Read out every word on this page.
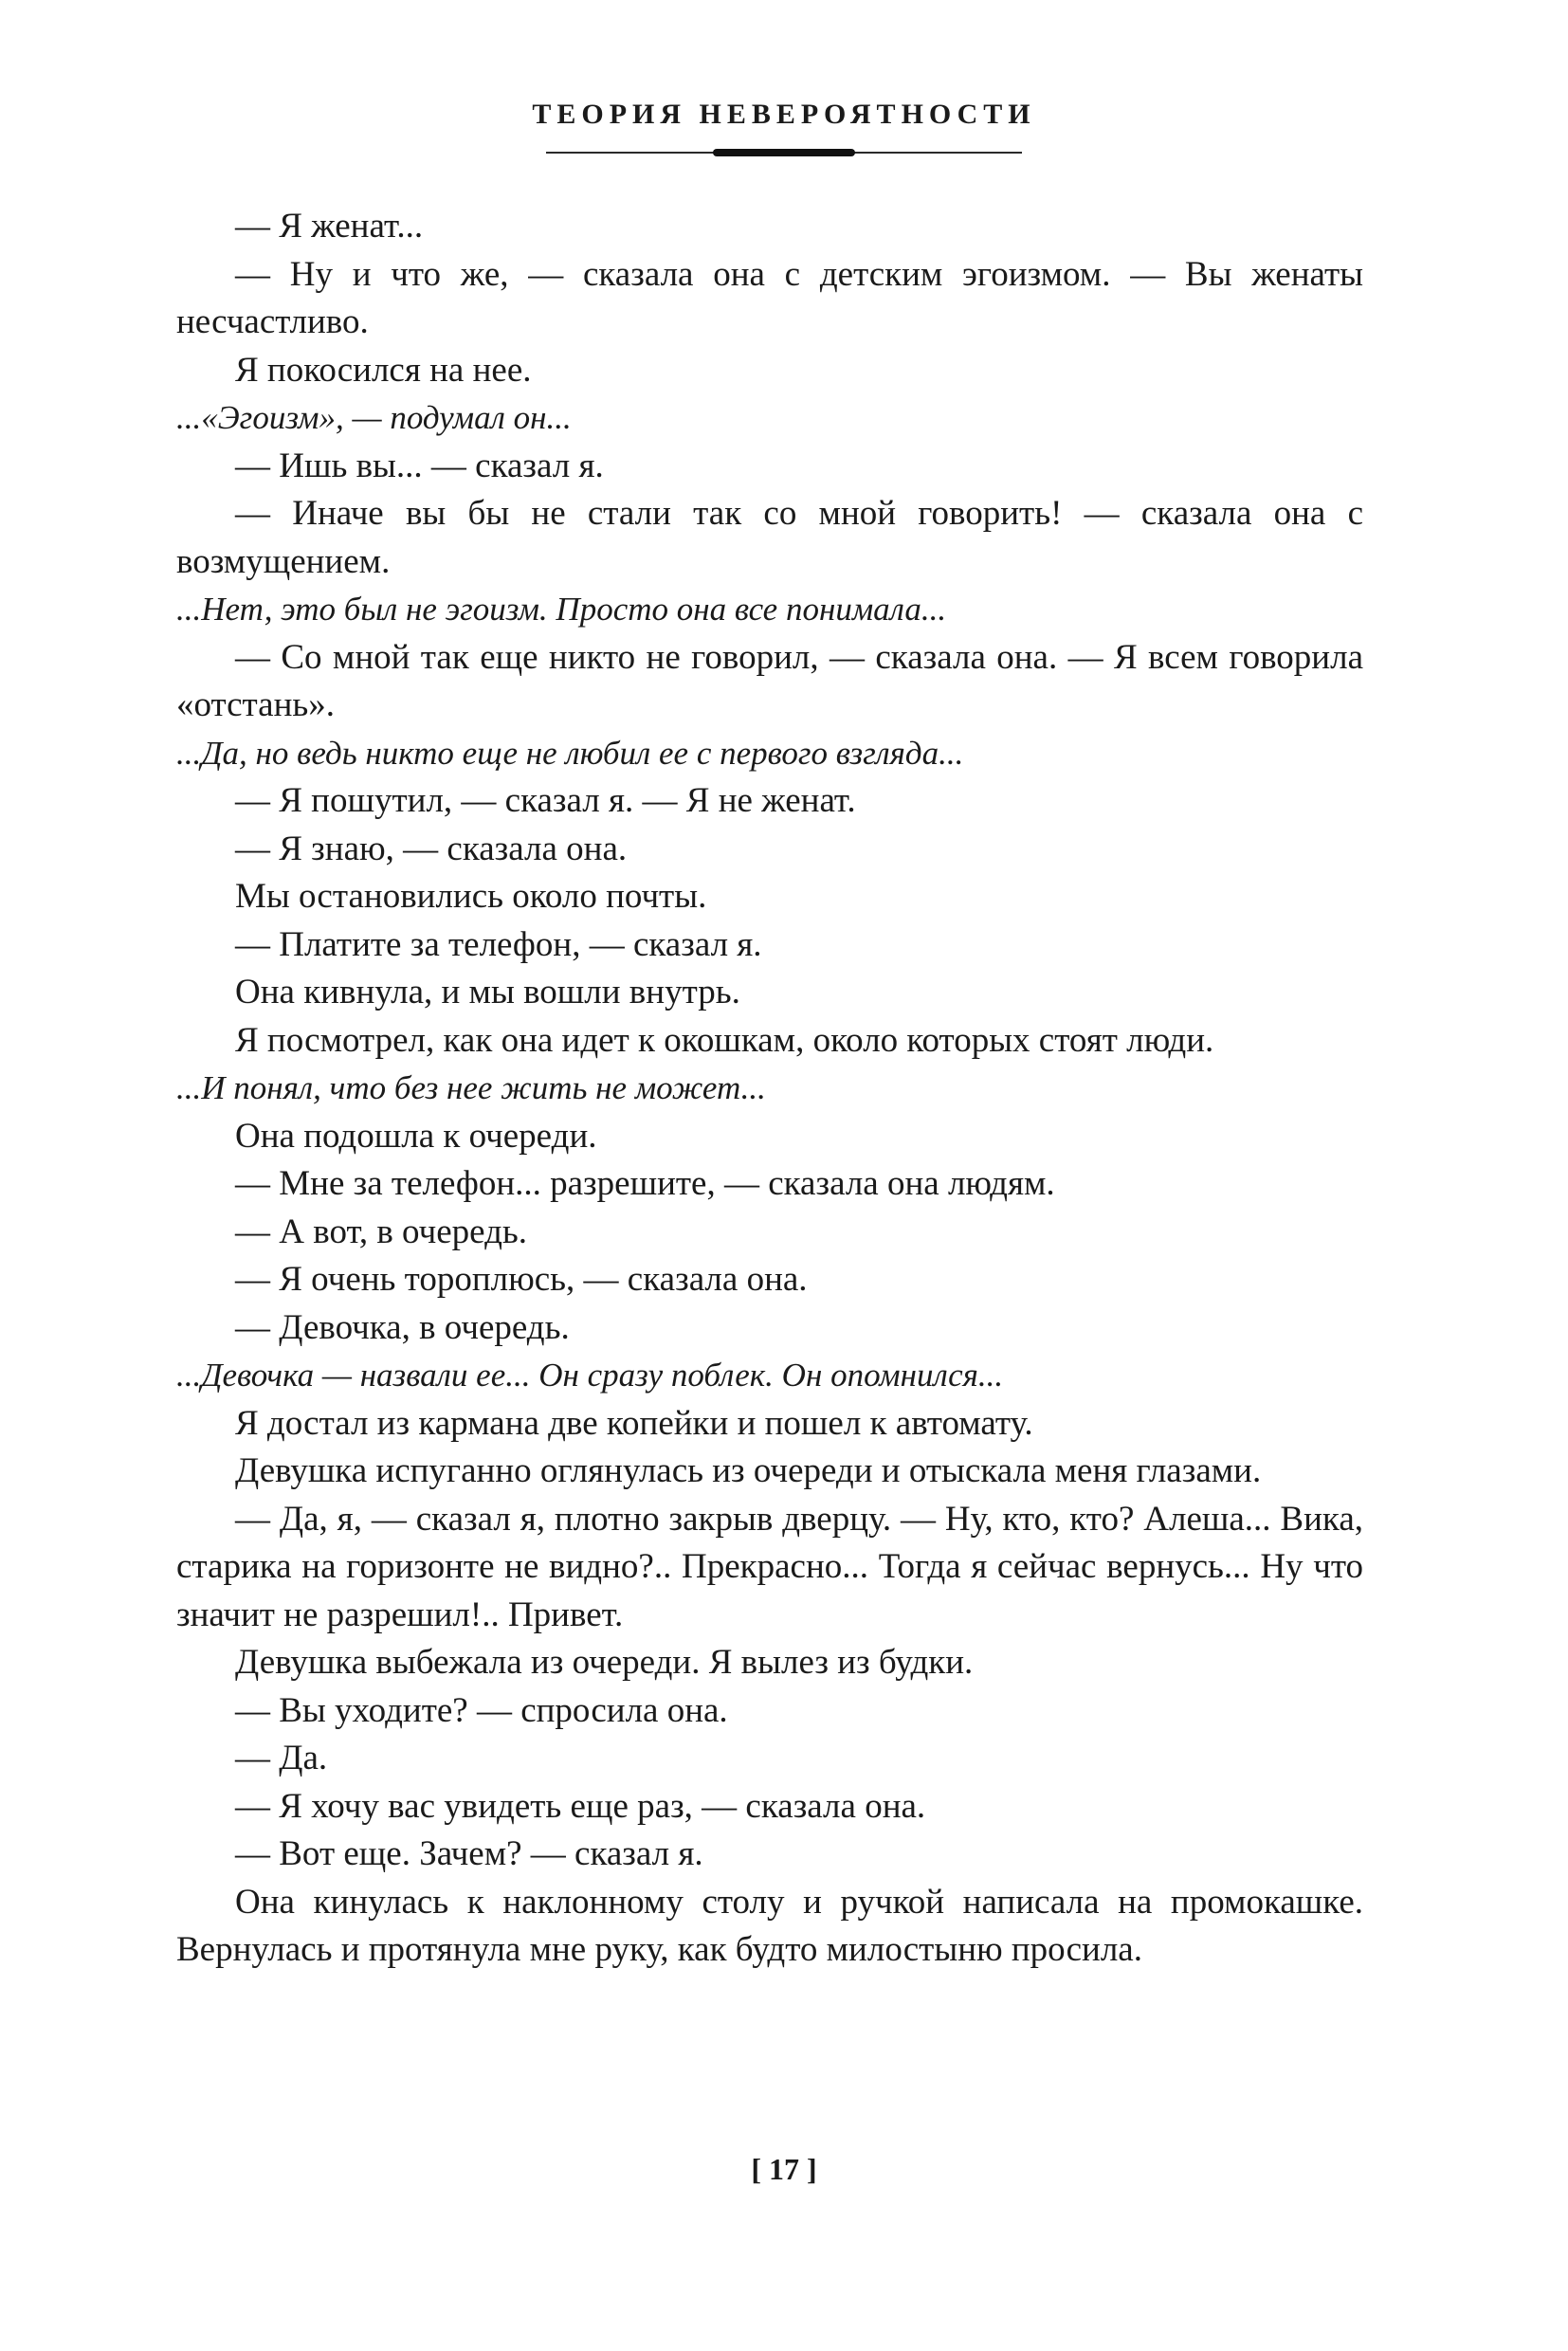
ТЕОРИЯ НЕВЕРОЯТНОСТИ

— Я женат...

— Ну и что же, — сказала она с детским эгоизмом. — Вы женаты несчастливо.

Я покосился на нее.

...«Эгоизм», — подумал он...

— Ишь вы... — сказал я.

— Иначе вы бы не стали так со мной говорить! — сказала она с возмущением.

...Нет, это был не эгоизм. Просто она все понимала...

— Со мной так еще никто не говорил, — сказала она. — Я всем говорила «отстань».

...Да, но ведь никто еще не любил ее с первого взгляда...

— Я пошутил, — сказал я. — Я не женат.

— Я знаю, — сказала она.

Мы остановились около почты.

— Платите за телефон, — сказал я.

Она кивнула, и мы вошли внутрь.

Я посмотрел, как она идет к окошкам, около которых стоят люди.

...И понял, что без нее жить не может...

Она подошла к очереди.

— Мне за телефон... разрешите, — сказала она людям.

— А вот, в очередь.

— Я очень тороплюсь, — сказала она.

— Девочка, в очередь.

...Девочка — назвали ее... Он сразу поблек. Он опомнился...

Я достал из кармана две копейки и пошел к автомату.

Девушка испуганно оглянулась из очереди и отыскала меня глазами.

— Да, я, — сказал я, плотно закрыв дверцу. — Ну, кто, кто? Алеша... Вика, старика на горизонте не видно?.. Прекрасно... Тогда я сейчас вернусь... Ну что значит не разрешил!.. Привет.

Девушка выбежала из очереди. Я вылез из будки.

— Вы уходите? — спросила она.

— Да.

— Я хочу вас увидеть еще раз, — сказала она.

— Вот еще. Зачем? — сказал я.

Она кинулась к наклонному столу и ручкой написала на промокашке. Вернулась и протянула мне руку, как будто милостыню просила.

[ 17 ]
